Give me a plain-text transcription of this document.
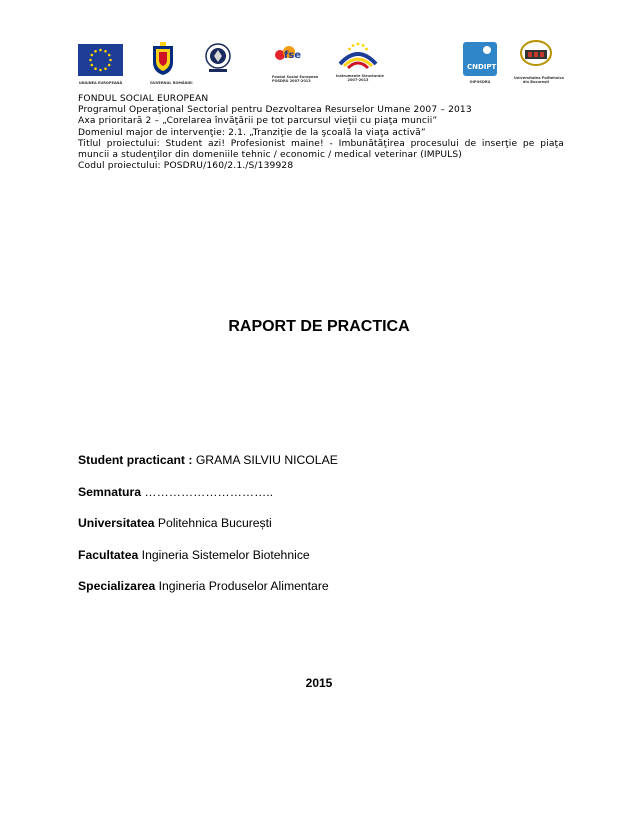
UNIUNEA EUROPEANĂ	GUVERNUL ROMÂNIEI
fse
Fondul Social European
POSDRU 2007-2013
Instrumente Structurale
2007-2013
CNDIPT
OIPOSDRU
Universitatea Politehnica
din Bucureşti
FONDUL SOCIAL EUROPEAN
Programul Operaţional Sectorial pentru Dezvoltarea Resurselor Umane 2007 – 2013
Axa prioritară 2 – „Corelarea învăţării pe tot parcursul vieţii cu piaţa muncii”
Domeniul major de intervenţie: 2.1. „Tranziţie de la şcoală la viaţa activă”
Titlul proiectului: Student azi! Profesionist maine! - Imbunătăţirea procesului de inserţie pe piaţa muncii a studenţilor din domeniile tehnic / economic / medical veterinar (IMPULS)
Codul proiectului: POSDRU/160/2.1./S/139928
RAPORT DE PRACTICA
Student practicant : GRAMA SILVIU NICOLAE
Semnatura …………………………..
Universitatea Politehnica București
Facultatea Ingineria Sistemelor Biotehnice
Specializarea Ingineria Produselor Alimentare
2015
